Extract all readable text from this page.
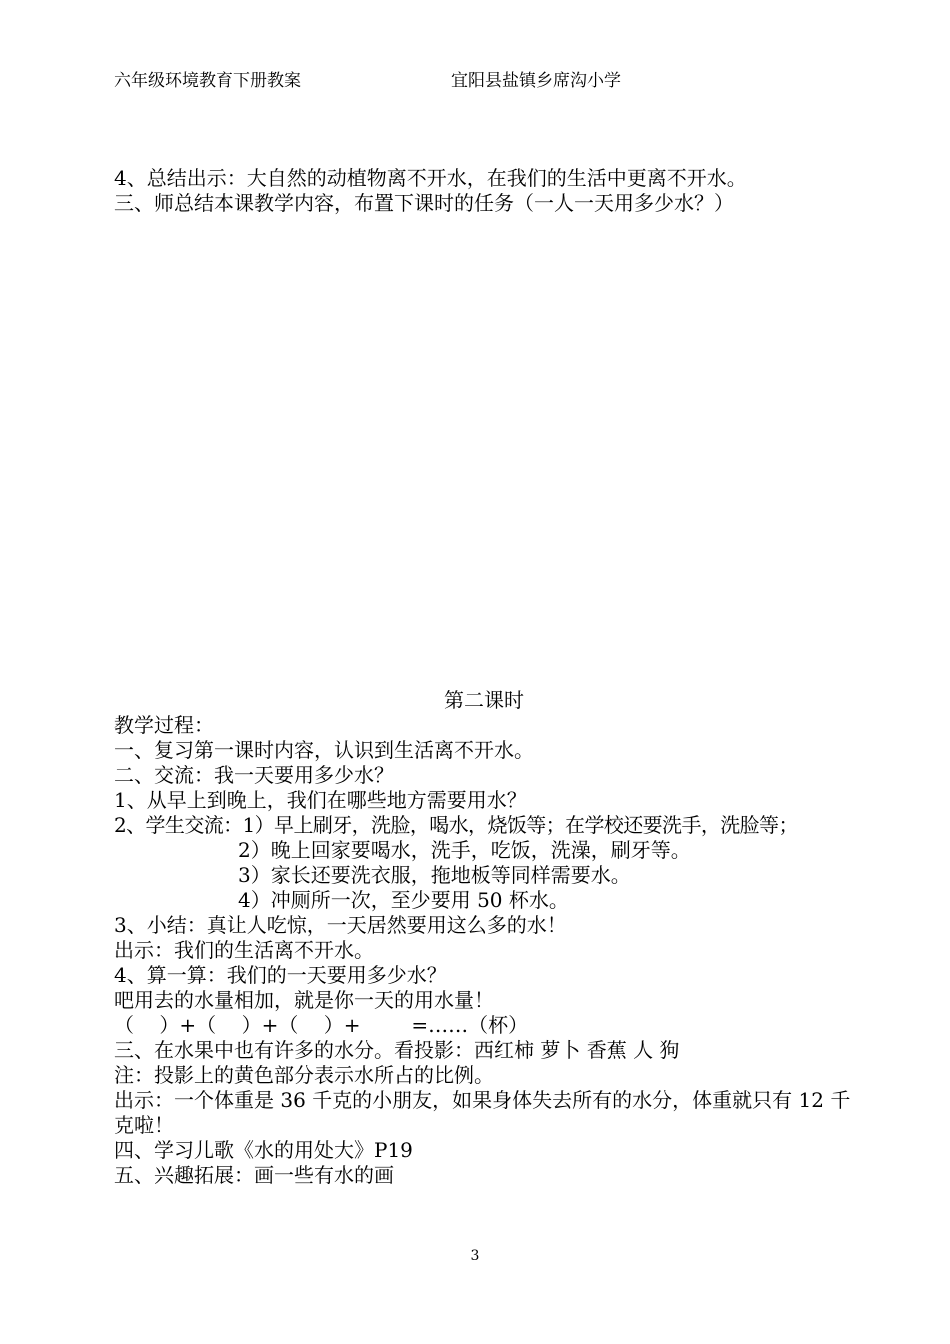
六年级环境教育下册教案	宜阳县盐镇乡席沟小学
4、总结出示：大自然的动植物离不开水，在我们的生活中更离不开水。
三、师总结本课教学内容，布置下课时的任务（一人一天用多少水？）
第二课时
教学过程：
一、复习第一课时内容，认识到生活离不开水。
二、交流：我一天要用多少水？
1、从早上到晚上，我们在哪些地方需要用水？
2、学生交流：1）早上刷牙，洗脸，喝水，烧饭等；在学校还要洗手，洗脸等；
2）晚上回家要喝水，洗手，吃饭，洗澡，刷牙等。
3）家长还要洗衣服，拖地板等同样需要水。
4）冲厕所一次，至少要用 50 杯水。
3、小结：真让人吃惊，一天居然要用这么多的水！
出示：我们的生活离不开水。
4、算一算：我们的一天要用多少水？
吧用去的水量相加，就是你一天的用水量！
（    ）+（    ）+（    ）+        =……（杯）
三、在水果中也有许多的水分。看投影：西红柿 萝卜 香蕉 人 狗
注：投影上的黄色部分表示水所占的比例。
出示：一个体重是 36 千克的小朋友，如果身体失去所有的水分，体重就只有 12 千克啦！
四、学习儿歌《水的用处大》P19
五、兴趣拓展：画一些有水的画
3
